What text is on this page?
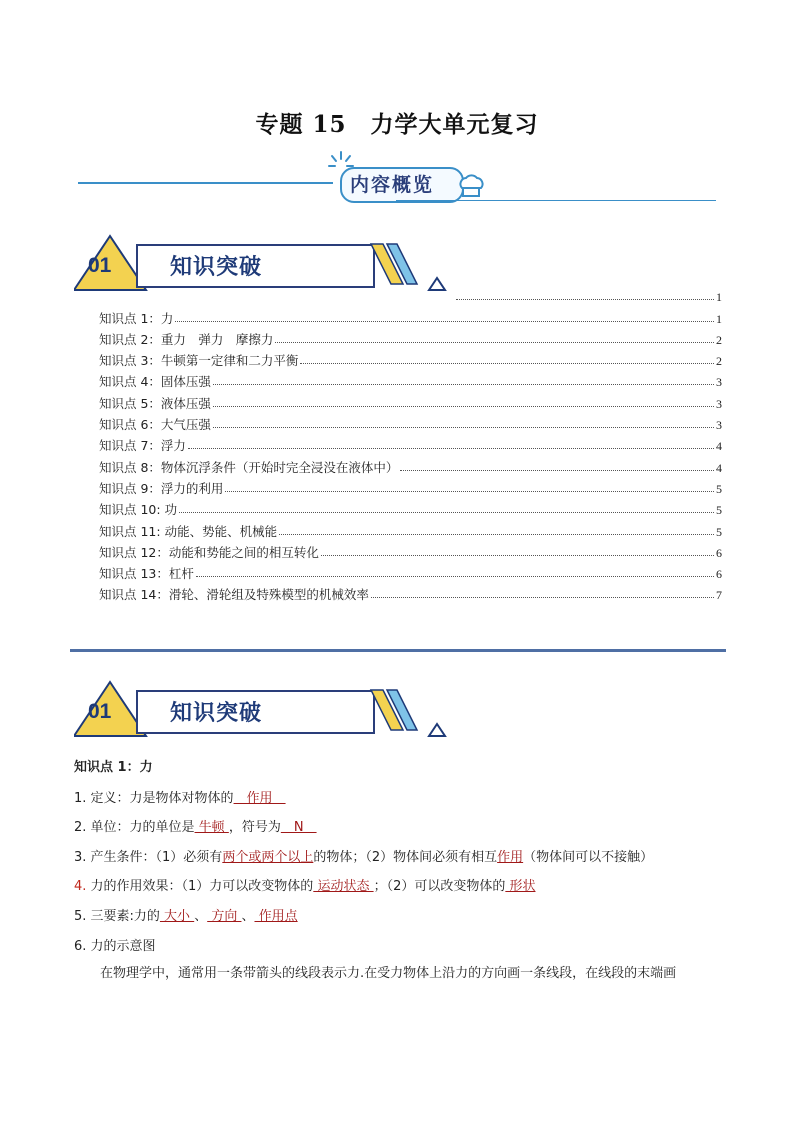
专题 15　力学大单元复习
内容概览
01	知识突破
1
知识点 1：力	1
知识点 2：重力　弹力　摩擦力	2
知识点 3：牛顿第一定律和二力平衡	2
知识点 4：固体压强	3
知识点 5：液体压强	3
知识点 6：大气压强	3
知识点 7：浮力	4
知识点 8：物体沉浮条件（开始时完全浸没在液体中）	4
知识点 9：浮力的利用	5
知识点 10: 功	5
知识点 11: 动能、势能、机械能	5
知识点 12：动能和势能之间的相互转化	6
知识点 13：杠杆	6
知识点 14：滑轮、滑轮组及特殊模型的机械效率	7
01	知识突破
知识点 1：力
1. 定义：力是物体对物体的　作用　
2. 单位：力的单位是 牛顿 ，符号为　N　
3. 产生条件：（1）必须有两个或两个以上的物体；（2）物体间必须有相互作用（物体间可以不接触）
4. 力的作用效果：（1）力可以改变物体的 运动状态 ；（2）可以改变物体的 形状
5. 三要素:力的 大小 、 方向 、 作用点
6. 力的示意图
在物理学中，通常用一条带箭头的线段表示力.在受力物体上沿力的方向画一条线段，在线段的末端画
